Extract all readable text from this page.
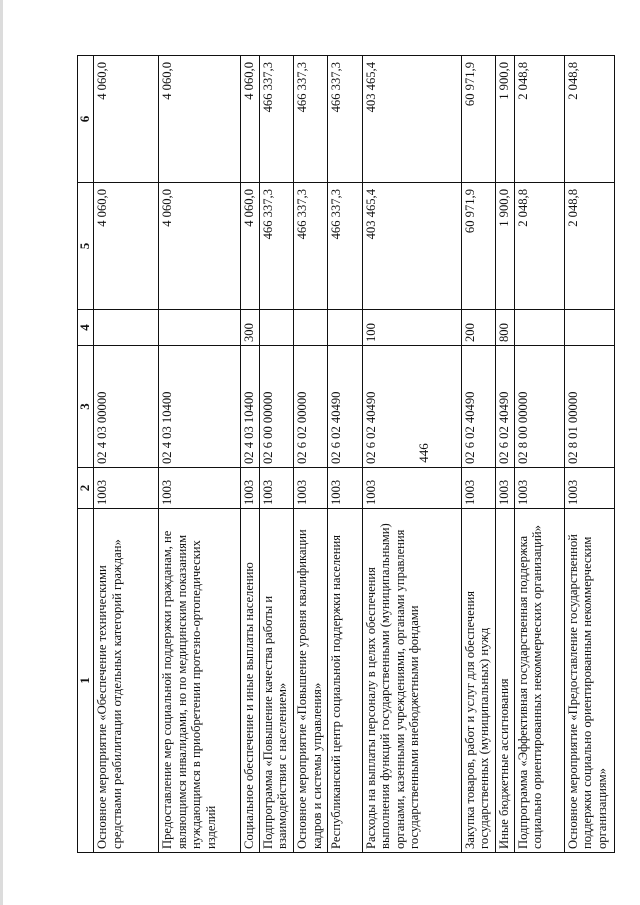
446
1	2	3	4	5	6
Основное мероприятие «Обеспечение техническими средствами реабилитации отдельных категорий граждан»	1003	02 4 03 00000		4 060,0	4 060,0
Предоставление мер социальной поддержки гражданам, не являющимся инвалидами, но по медицинским показаниям нуждающимся в приобретении протезно-ортопедических изделий	1003	02 4 03 10400		4 060,0	4 060,0
Социальное обеспечение и иные выплаты населению	1003	02 4 03 10400	300	4 060,0	4 060,0
Подпрограмма «Повышение качества работы и взаимодействия с населением»	1003	02 6 00 00000		466 337,3	466 337,3
Основное мероприятие «Повышение уровня квалификации кадров и системы управления»	1003	02 6 02 00000		466 337,3	466 337,3
Республиканский центр социальной поддержки населения	1003	02 6 02 40490		466 337,3	466 337,3
Расходы на выплаты персоналу в целях обеспечения выполнения функций государственными (муниципальными) органами, казенными учреждениями, органами управления государственными внебюджетными фондами	1003	02 6 02 40490	100	403 465,4	403 465,4
Закупка товаров, работ и услуг для обеспечения государственных (муниципальных) нужд	1003	02 6 02 40490	200	60 971,9	60 971,9
Иные бюджетные ассигнования	1003	02 6 02 40490	800	1 900,0	1 900,0
Подпрограмма «Эффективная государственная поддержка социально ориентированных некоммерческих организаций»	1003	02 8 00 00000		2 048,8	2 048,8
Основное мероприятие «Предоставление государственной поддержки социально ориентированным некоммерческим организациям»	1003	02 8 01 00000		2 048,8	2 048,8
